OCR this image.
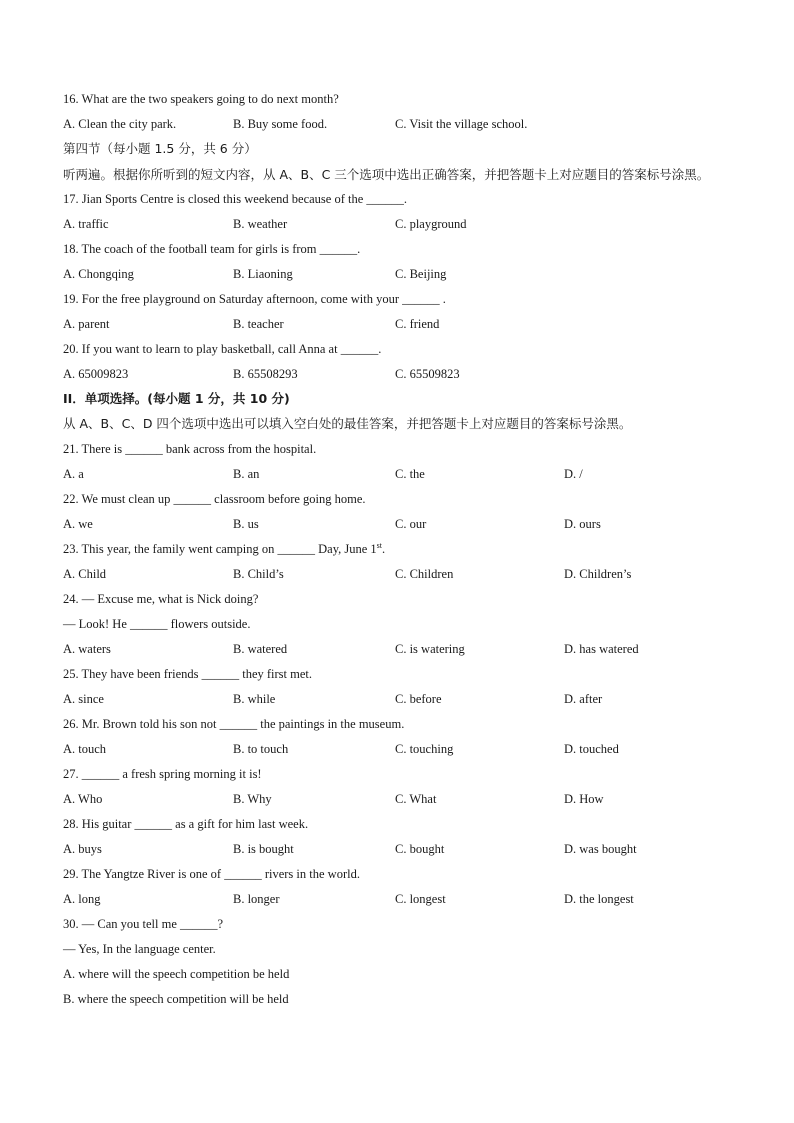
16. What are the two speakers going to do next month?
A. Clean the city park.	B. Buy some food.	C. Visit the village school.
第四节（每小题 1.5 分，共 6 分）
听两遍。根据你所听到的短文内容，从 A、B、C 三个选项中选出正确答案，并把答题卡上对应题目的答案标号涂黑。
17. Jian Sports Centre is closed this weekend because of the ______.
A. traffic	B. weather	C. playground
18. The coach of the football team for girls is from ______.
A. Chongqing	B. Liaoning	C. Beijing
19. For the free playground on Saturday afternoon, come with your ______ .
A. parent	B. teacher	C. friend
20. If you want to learn to play basketball, call Anna at ______.
A. 65009823	B. 65508293	C. 65509823
II．单项选择。(每小题 1 分，共 10 分)
从 A、B、C、D 四个选项中选出可以填入空白处的最佳答案，并把答题卡上对应题目的答案标号涂黑。
21. There is ______ bank across from the hospital.
A. a	B. an	C. the	D. /
22. We must clean up ______ classroom before going home.
A. we	B. us	C. our	D. ours
23. This year, the family went camping on ______ Day, June 1st.
A. Child	B. Child’s	C. Children	D. Children’s
24. — Excuse me, what is Nick doing?
— Look! He ______ flowers outside.
A. waters	B. watered	C. is watering	D. has watered
25. They have been friends ______ they first met.
A. since	B. while	C. before	D. after
26. Mr. Brown told his son not ______ the paintings in the museum.
A. touch	B. to touch	C. touching	D. touched
27. ______ a fresh spring morning it is!
A. Who	B. Why	C. What	D. How
28. His guitar ______ as a gift for him last week.
A. buys	B. is bought	C. bought	D. was bought
29. The Yangtze River is one of ______ rivers in the world.
A. long	B. longer	C. longest	D. the longest
30. — Can you tell me ______?
— Yes, In the language center.
A. where will the speech competition be held
B. where the speech competition will be held
